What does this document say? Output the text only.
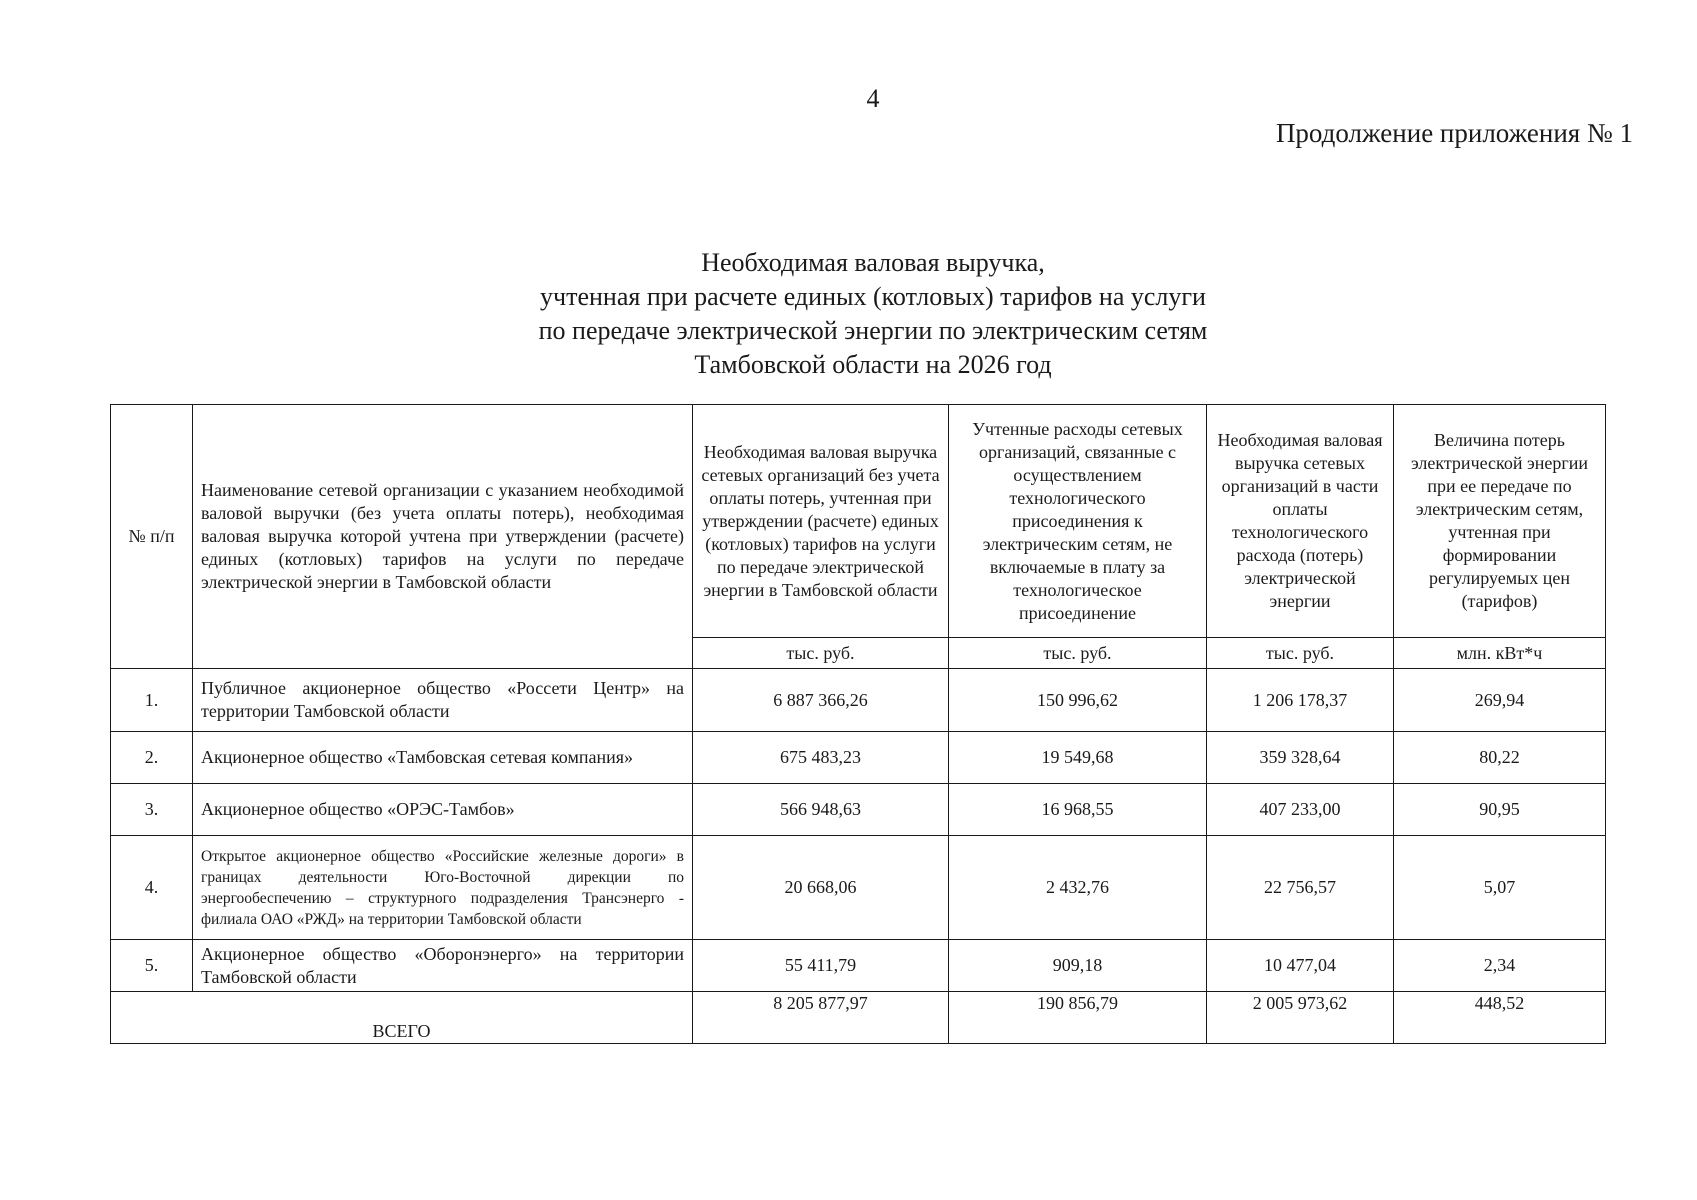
4
Продолжение приложения № 1
Необходимая валовая выручка,
учтенная при расчете единых (котловых) тарифов на услуги
по передаче электрической энергии по электрическим сетям
Тамбовской области на 2026 год
№ п/п	Наименование сетевой организации с указанием необходимой валовой выручки (без учета оплаты потерь), необходимая валовая выручка которой учтена при утверждении (расчете) единых (котловых) тарифов на услуги по передаче электрической энергии в Тамбовской области	Необходимая валовая выручка сетевых организаций без учета оплаты потерь, учтенная при утверждении (расчете) единых (котловых) тарифов на услуги по передаче электрической энергии в Тамбовской области	Учтенные расходы сетевых организаций, связанные с осуществлением технологического присоединения к электрическим сетям, не включаемые в плату за технологическое присоединение	Необходимая валовая выручка сетевых организаций в части оплаты технологического расхода (потерь) электрической энергии	Величина потерь электрической энергии при ее передаче по электрическим сетям, учтенная при формировании регулируемых цен (тарифов)
		тыс. руб.	тыс. руб.	тыс. руб.	млн. кВт*ч
1.	Публичное акционерное общество «Россети Центр» на территории Тамбовской области	6 887 366,26	150 996,62	1 206 178,37	269,94
2.	Акционерное общество «Тамбовская сетевая компания»	675 483,23	19 549,68	359 328,64	80,22
3.	Акционерное общество «ОРЭС-Тамбов»	566 948,63	16 968,55	407 233,00	90,95
4.	Открытое акционерное общество «Российские железные дороги» в границах деятельности Юго-Восточной дирекции по энергообеспечению – структурного подразделения Трансэнерго - филиала ОАО «РЖД» на территории Тамбовской области	20 668,06	2 432,76	22 756,57	5,07
5.	Акционерное общество «Оборонэнерго» на территории Тамбовской области	55 411,79	909,18	10 477,04	2,34
ВСЕГО		8 205 877,97	190 856,79	2 005 973,62	448,52
